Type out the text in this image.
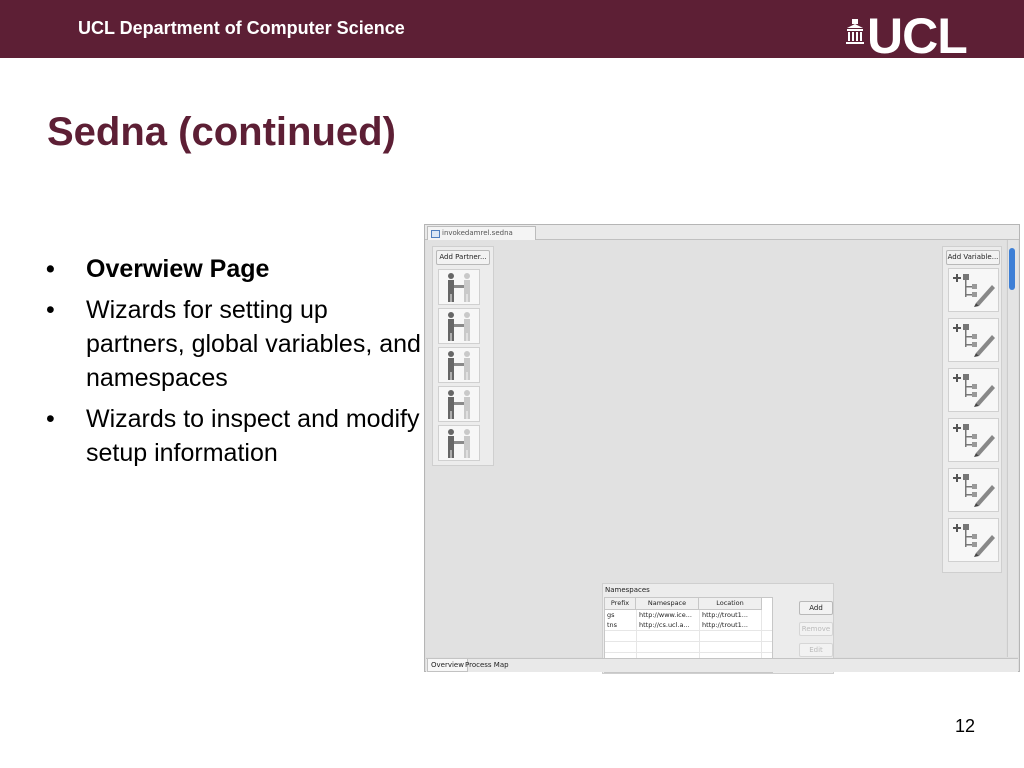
UCL Department of Computer Science	UCL
Sedna (continued)
• Overwiew Page
• Wizards for setting up partners, global variables, and namespaces
• Wizards to inspect and modify setup information
invokedamrel.sedna
Add Partner...	Add Variable...
Namespaces
Prefix	Namespace	Location
gs	http://www.ice...	http://trout1...
tns	http://cs.ucl.a...	http://trout1...
Add
Remove
Edit
Overview Process Map
12
